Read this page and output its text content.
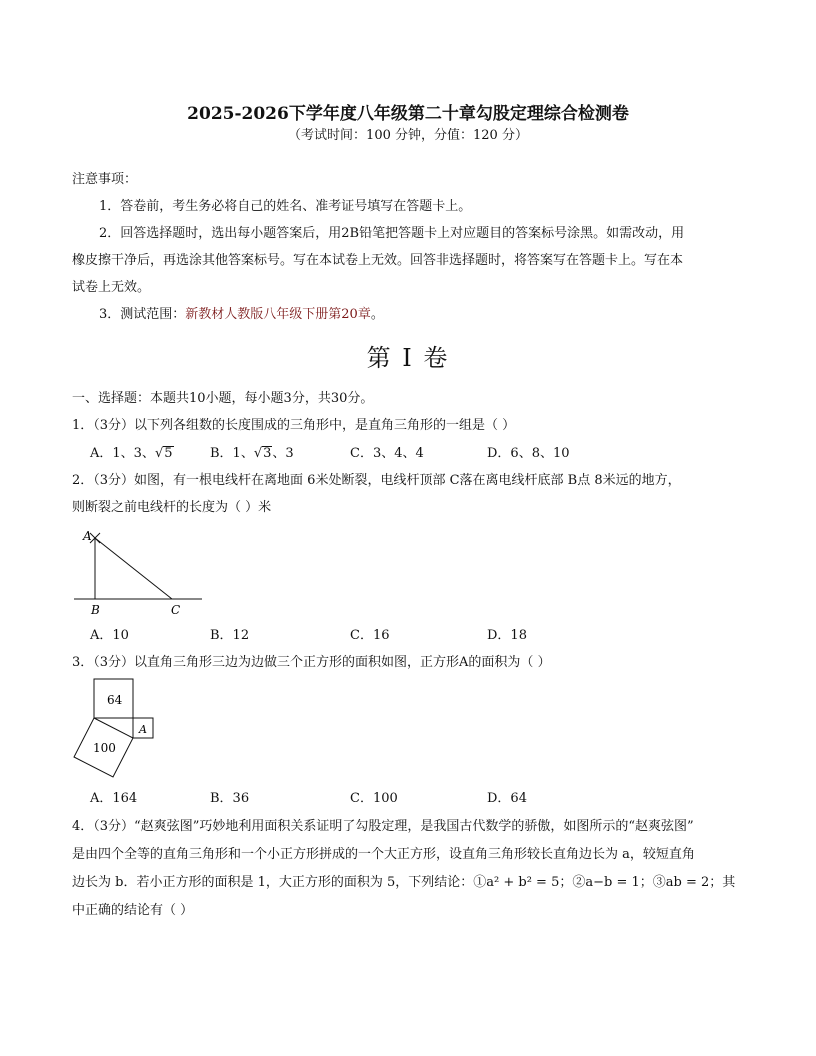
2025-2026下学年度八年级第二十章勾股定理综合检测卷
（考试时间：100 分钟，分值：120 分）
注意事项：
1．答卷前，考生务必将自己的姓名、准考证号填写在答题卡上。
2．回答选择题时，选出每小题答案后，用2B铅笔把答题卡上对应题目的答案标号涂黑。如需改动，用
橡皮擦干净后，再选涂其他答案标号。写在本试卷上无效。回答非选择题时，将答案写在答题卡上。写在本
试卷上无效。
3．测试范围：新教材人教版八年级下册第20章。
第 I 卷
一、选择题：本题共10小题，每小题3分，共30分。
1．（3分）以下列各组数的长度围成的三角形中，是直角三角形的一组是（ ）
A．1、3、√5	B．1、√3、3	C．3、4、4	D．6、8、10
2．（3分）如图，有一根电线杆在离地面 6米处断裂，电线杆顶部 C落在离电线杆底部 B点 8米远的地方，
则断裂之前电线杆的长度为（ ）米
A
B	C
A．10	B．12	C．16	D．18
3．（3分）以直角三角形三边为边做三个正方形的面积如图，正方形A的面积为（ ）
64
A
100
A．164	B．36	C．100	D．64
4．（3分）“赵爽弦图”巧妙地利用面积关系证明了勾股定理，是我国古代数学的骄傲，如图所示的“赵爽弦图”
是由四个全等的直角三角形和一个小正方形拼成的一个大正方形，设直角三角形较长直角边长为 a，较短直角
边长为 b．若小正方形的面积是 1，大正方形的面积为 5，下列结论：①a² + b² = 5；②a−b = 1；③ab = 2；其
中正确的结论有（ ）
